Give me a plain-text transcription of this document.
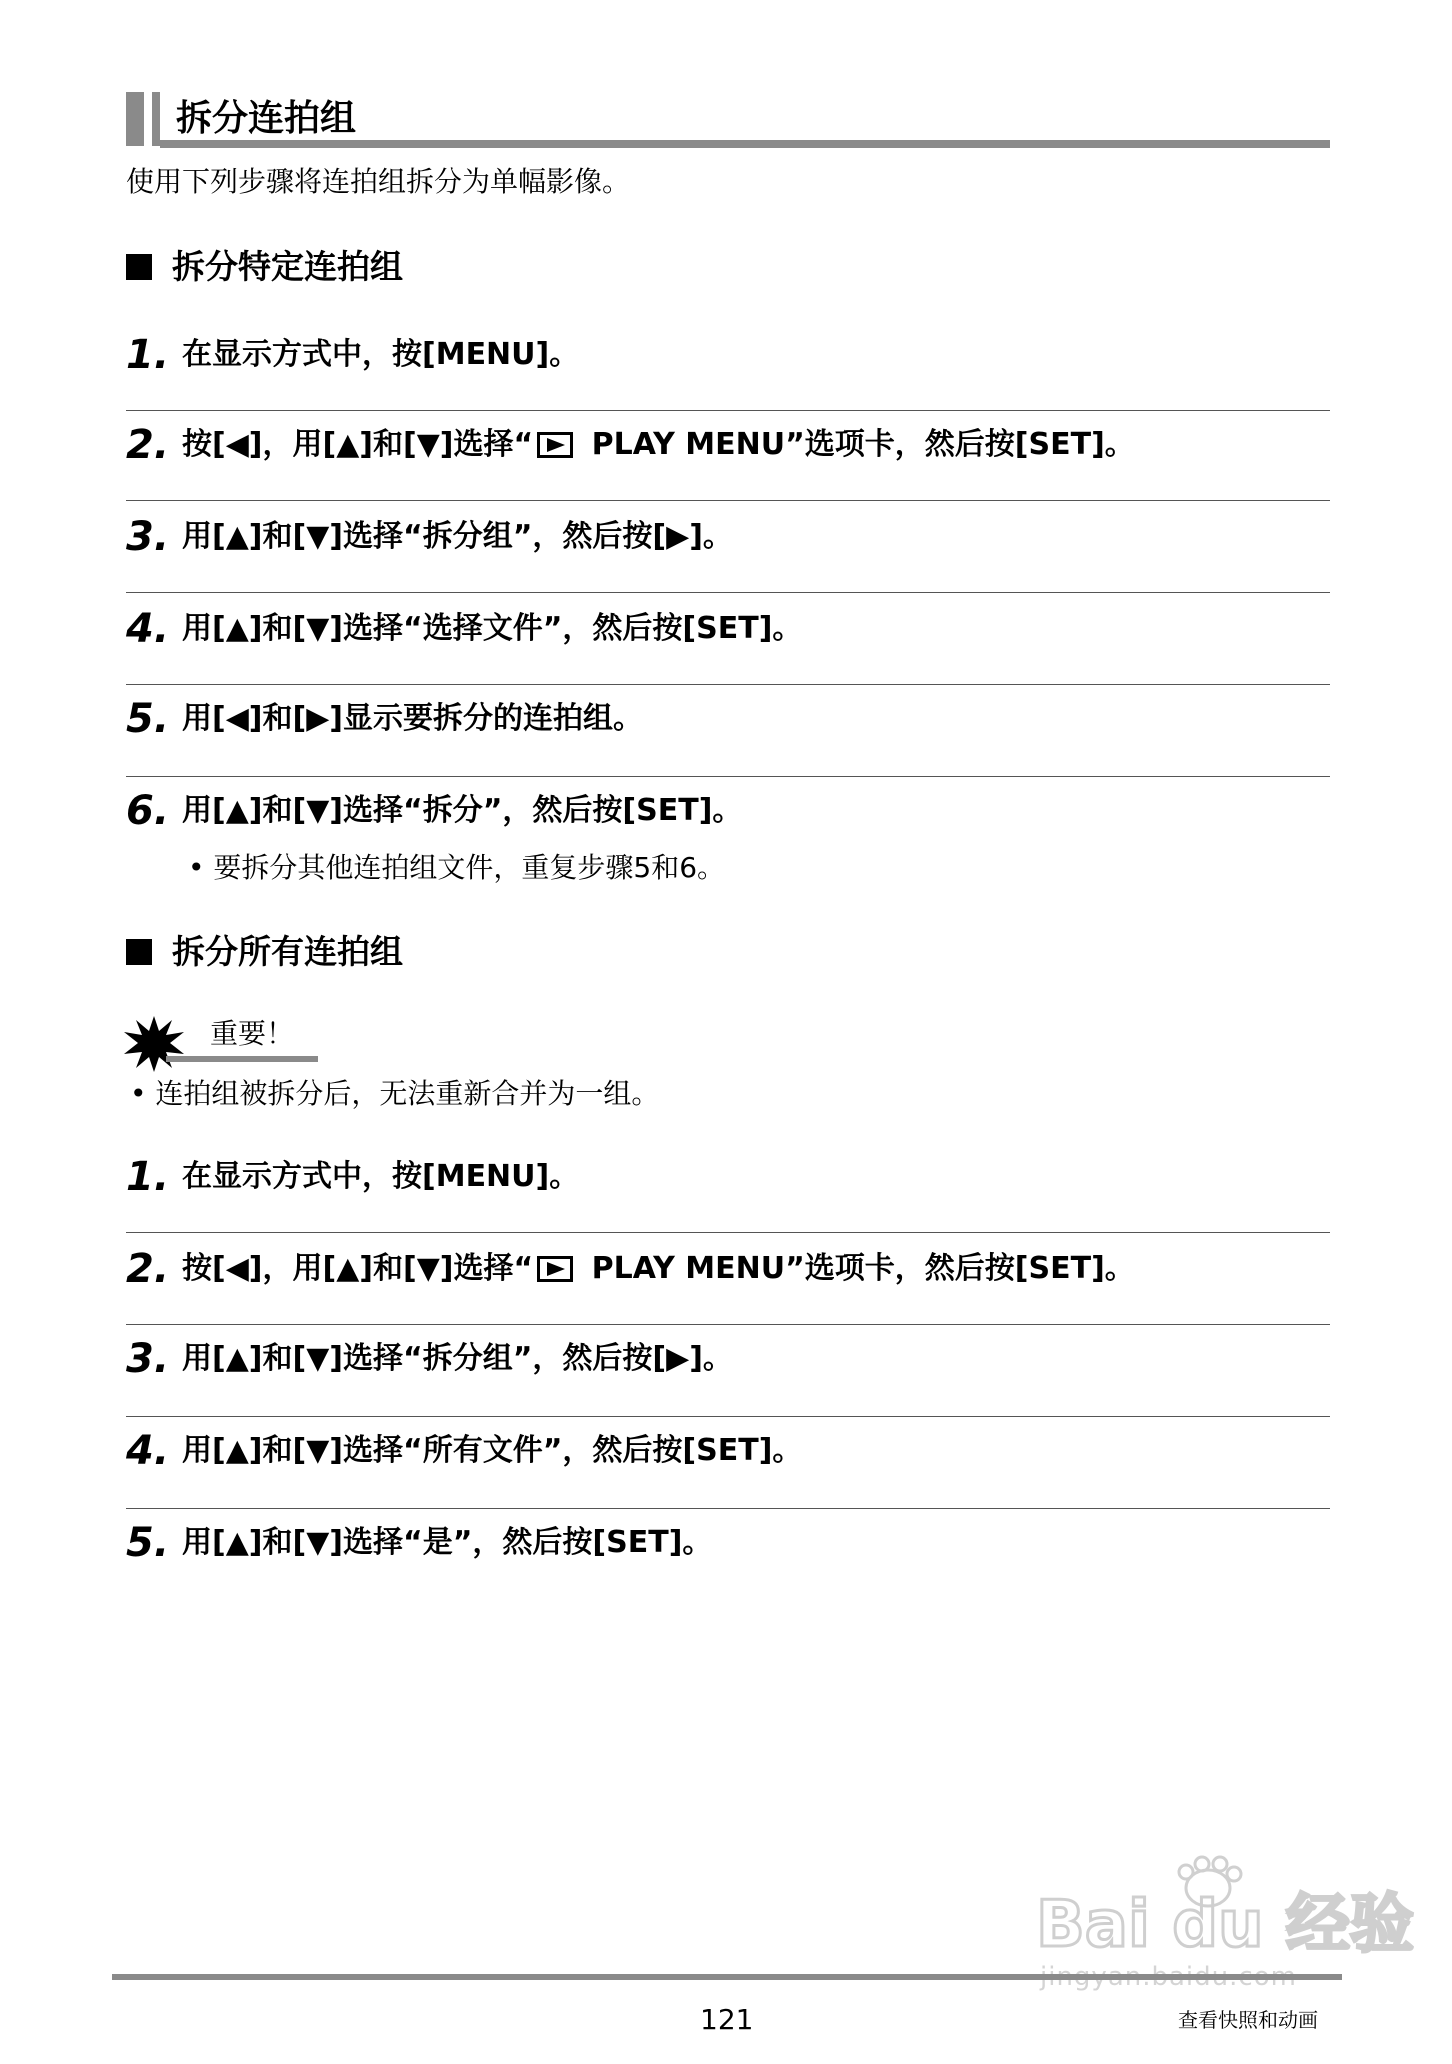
拆分连拍组
使用下列步骤将连拍组拆分为单幅影像。
拆分特定连拍组
1. 在显示方式中，按[MENU]。
2. 按[◀]，用[▲]和[▼]选择“
PLAY MENU”选项卡，然后按[SET]。
3. 用[▲]和[▼]选择“拆分组”，然后按[▶]。
4. 用[▲]和[▼]选择“选择文件”，然后按[SET]。
5. 用[◀]和[▶]显示要拆分的连拍组。
6. 用[▲]和[▼]选择“拆分”，然后按[SET]。
• 要拆分其他连拍组文件，重复步骤5和6。
拆分所有连拍组
重要！
• 连拍组被拆分后，无法重新合并为一组。
1. 在显示方式中，按[MENU]。
2. 按[◀]，用[▲]和[▼]选择“
PLAY MENU”选项卡，然后按[SET]。
3. 用[▲]和[▼]选择“拆分组”，然后按[▶]。
4. 用[▲]和[▼]选择“所有文件”，然后按[SET]。
5. 用[▲]和[▼]选择“是”，然后按[SET]。
Bai du 经验
121	查看快照和动画
